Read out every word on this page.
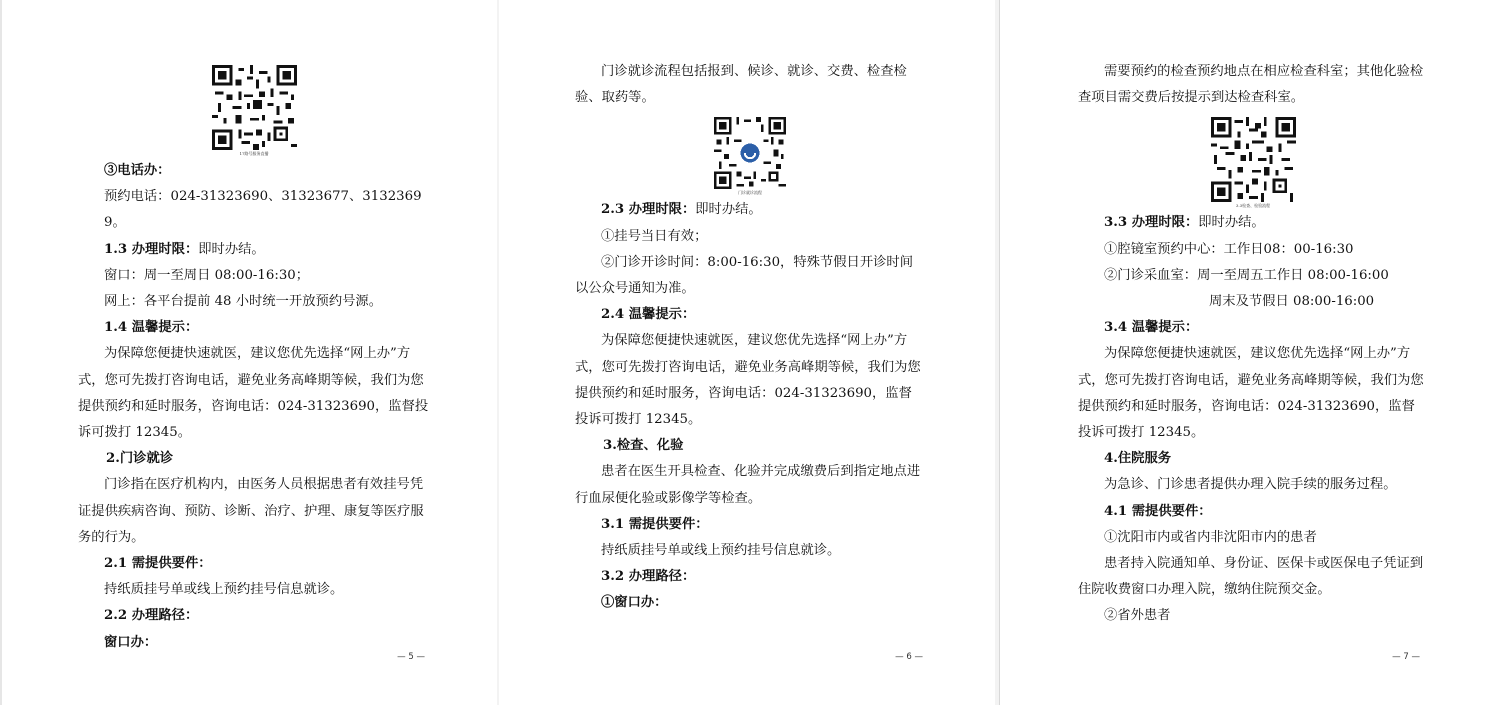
17路号服务直播

③电话办：

预约电话：024-31323690、31323677、31323699。

1.3 办理时限：即时办结。

窗口：周一至周日 08:00-16:30；

网上：各平台提前 48 小时统一开放预约号源。

1.4 温馨提示：

为保障您便捷快速就医，建议您优先选择“网上办”方式，您可先拨打咨询电话，避免业务高峰期等候，我们为您提供预约和延时服务，咨询电话：024-31323690，监督投诉可拨打 12345。

2.门诊就诊

门诊指在医疗机构内，由医务人员根据患者有效挂号凭证提供疾病咨询、预防、诊断、治疗、护理、康复等医疗服务的行为。

2.1 需提供要件：

持纸质挂号单或线上预约挂号信息就诊。

2.2 办理路径：

窗口办：

— 5 —

门诊就诊流程包括报到、候诊、就诊、交费、检查检验、取药等。

门诊就诊流程

2.3 办理时限：即时办结。

①挂号当日有效；

②门诊开诊时间：8:00-16:30，特殊节假日开诊时间以公众号通知为准。

2.4 温馨提示：

为保障您便捷快速就医，建议您优先选择“网上办”方式，您可先拨打咨询电话，避免业务高峰期等候，我们为您提供预约和延时服务，咨询电话：024-31323690，监督投诉可拨打 12345。

3.检查、化验

患者在医生开具检查、化验并完成缴费后到指定地点进行血尿便化验或影像学等检查。

3.1 需提供要件：

持纸质挂号单或线上预约挂号信息就诊。

3.2 办理路径：

①窗口办：

— 6 —

需要预约的检查预约地点在相应检查科室；其他化验检查项目需交费后按提示到达检查科室。

3.3检查、检验流程

3.3 办理时限：即时办结。

①腔镜室预约中心：工作日08：00-16:30

②门诊采血室：周一至周五工作日 08:00-16:00

周末及节假日 08:00-16:00

3.4 温馨提示：

为保障您便捷快速就医，建议您优先选择“网上办”方式，您可先拨打咨询电话，避免业务高峰期等候，我们为您提供预约和延时服务，咨询电话：024-31323690，监督投诉可拨打 12345。

4.住院服务

为急诊、门诊患者提供办理入院手续的服务过程。

4.1 需提供要件：

①沈阳市内或省内非沈阳市内的患者

患者持入院通知单、身份证、医保卡或医保电子凭证到住院收费窗口办理入院，缴纳住院预交金。

②省外患者

— 7 —
